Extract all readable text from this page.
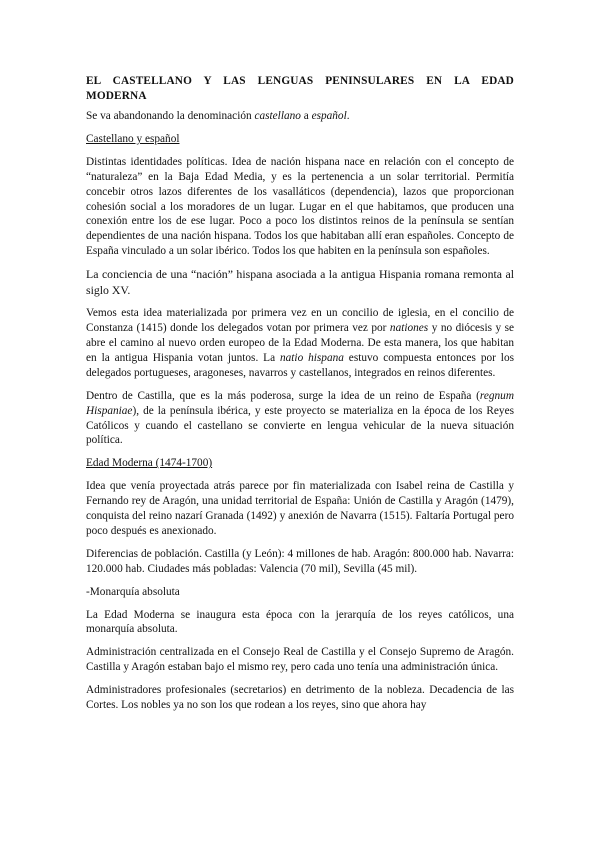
EL CASTELLANO Y LAS LENGUAS PENINSULARES EN LA EDAD MODERNA
Se va abandonando la denominación castellano a español.
Castellano y español
Distintas identidades políticas. Idea de nación hispana nace en relación con el concepto de “naturaleza” en la Baja Edad Media, y es la pertenencia a un solar territorial. Permitía concebir otros lazos diferentes de los vasalláticos (dependencia), lazos que proporcionan cohesión social a los moradores de un lugar. Lugar en el que habitamos, que producen una conexión entre los de ese lugar. Poco a poco los distintos reinos de la península se sentían dependientes de una nación hispana. Todos los que habitaban allí eran españoles. Concepto de España vinculado a un solar ibérico. Todos los que habiten en la península son españoles.
La conciencia de una “nación” hispana asociada a la antigua Hispania romana remonta al siglo XV.
Vemos esta idea materializada por primera vez en un concilio de iglesia, en el concilio de Constanza (1415) donde los delegados votan por primera vez por nationes y no diócesis y se abre el camino al nuevo orden europeo de la Edad Moderna. De esta manera, los que habitan en la antigua Hispania votan juntos. La natio hispana estuvo compuesta entonces por los delegados portugueses, aragoneses, navarros y castellanos, integrados en reinos diferentes.
Dentro de Castilla, que es la más poderosa, surge la idea de un reino de España (regnum Hispaniae), de la península ibérica, y este proyecto se materializa en la época de los Reyes Católicos y cuando el castellano se convierte en lengua vehicular de la nueva situación política.
Edad Moderna (1474-1700)
Idea que venía proyectada atrás parece por fin materializada con Isabel reina de Castilla y Fernando rey de Aragón, una unidad territorial de España: Unión de Castilla y Aragón (1479), conquista del reino nazarí Granada (1492) y anexión de Navarra (1515). Faltaría Portugal pero poco después es anexionado.
Diferencias de población. Castilla (y León): 4 millones de hab. Aragón: 800.000 hab. Navarra: 120.000 hab. Ciudades más pobladas: Valencia (70 mil), Sevilla (45 mil).
-Monarquía absoluta
La Edad Moderna se inaugura esta época con la jerarquía de los reyes católicos, una monarquía absoluta.
Administración centralizada en el Consejo Real de Castilla y el Consejo Supremo de Aragón. Castilla y Aragón estaban bajo el mismo rey, pero cada uno tenía una administración única.
Administradores profesionales (secretarios) en detrimento de la nobleza. Decadencia de las Cortes. Los nobles ya no son los que rodean a los reyes, sino que ahora hay
